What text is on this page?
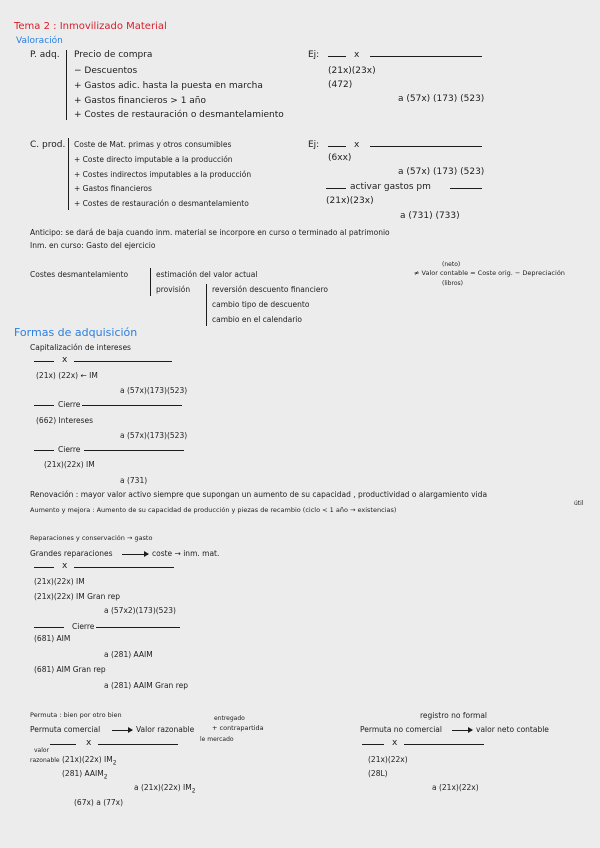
Tema 2 : Inmovilizado Material
Valoración
P. adq. Precio de compra
− Descuentos
+ Gastos adic. hasta la puesta en marcha
+ Gastos financieros > 1 año
+ Costes de restauración o desmantelamiento
Ej:	x
(21x)(23x)
(472)
a (57x) (173) (523)
C. prod. Coste de Mat. primas y otros consumibles
+ Coste directo imputable a la producción
+ Costes indirectos imputables a la producción
+ Gastos financieros
+ Costes de restauración o desmantelamiento
Ej:	x
(6xx)
a (57x) (173) (523)
activar gastos pm
(21x)(23x)
a (731) (733)
Anticipo: se dará de baja cuando inm. material se incorpore en curso o terminado al patrimonio
Inm. en curso: Gasto del ejercicio
Costes desmantelamiento	estimación del valor actual
provisión	reversión descuento financiero
cambio tipo de descuento
cambio en el calendario
(neto)
≠ Valor contable = Coste orig. − Depreciación
(libros)
Formas de adquisición
Capitalización de intereses
x
(21x) (22x) ← IM
a (57x)(173)(523)
Cierre
(662) Intereses
a (57x)(173)(523)
Cierre
(21x)(22x) IM
a (731)
Renovación : mayor valor activo siempre que supongan un aumento de su capacidad , productividad o alargamiento vida
útil
Aumento y mejora : Aumento de su capacidad de producción y piezas de recambio (ciclo < 1 año → existencias)
Reparaciones y conservación → gasto
Grandes reparaciones	coste → inm. mat.
x
(21x)(22x) IM
(21x)(22x) IM Gran rep
a (57x2)(173)(523)
Cierre
(681) AIM
a (281) AAIM
(681) AIM Gran rep
a (281) AAIM Gran rep
Permuta : bien por otro bien
Permuta comercial	Valor razonable
entregado
+ contrapartida
le mercado
valor
x
razonable (21x)(22x) $IM_2$
(281) $AAIM_2$
a (21x)(22x) $IM_2$
(67x) a (77x)
registro no formal
Permuta no comercial	valor neto contable
x
(21x)(22x)
(28L)
a (21x)(22x)
